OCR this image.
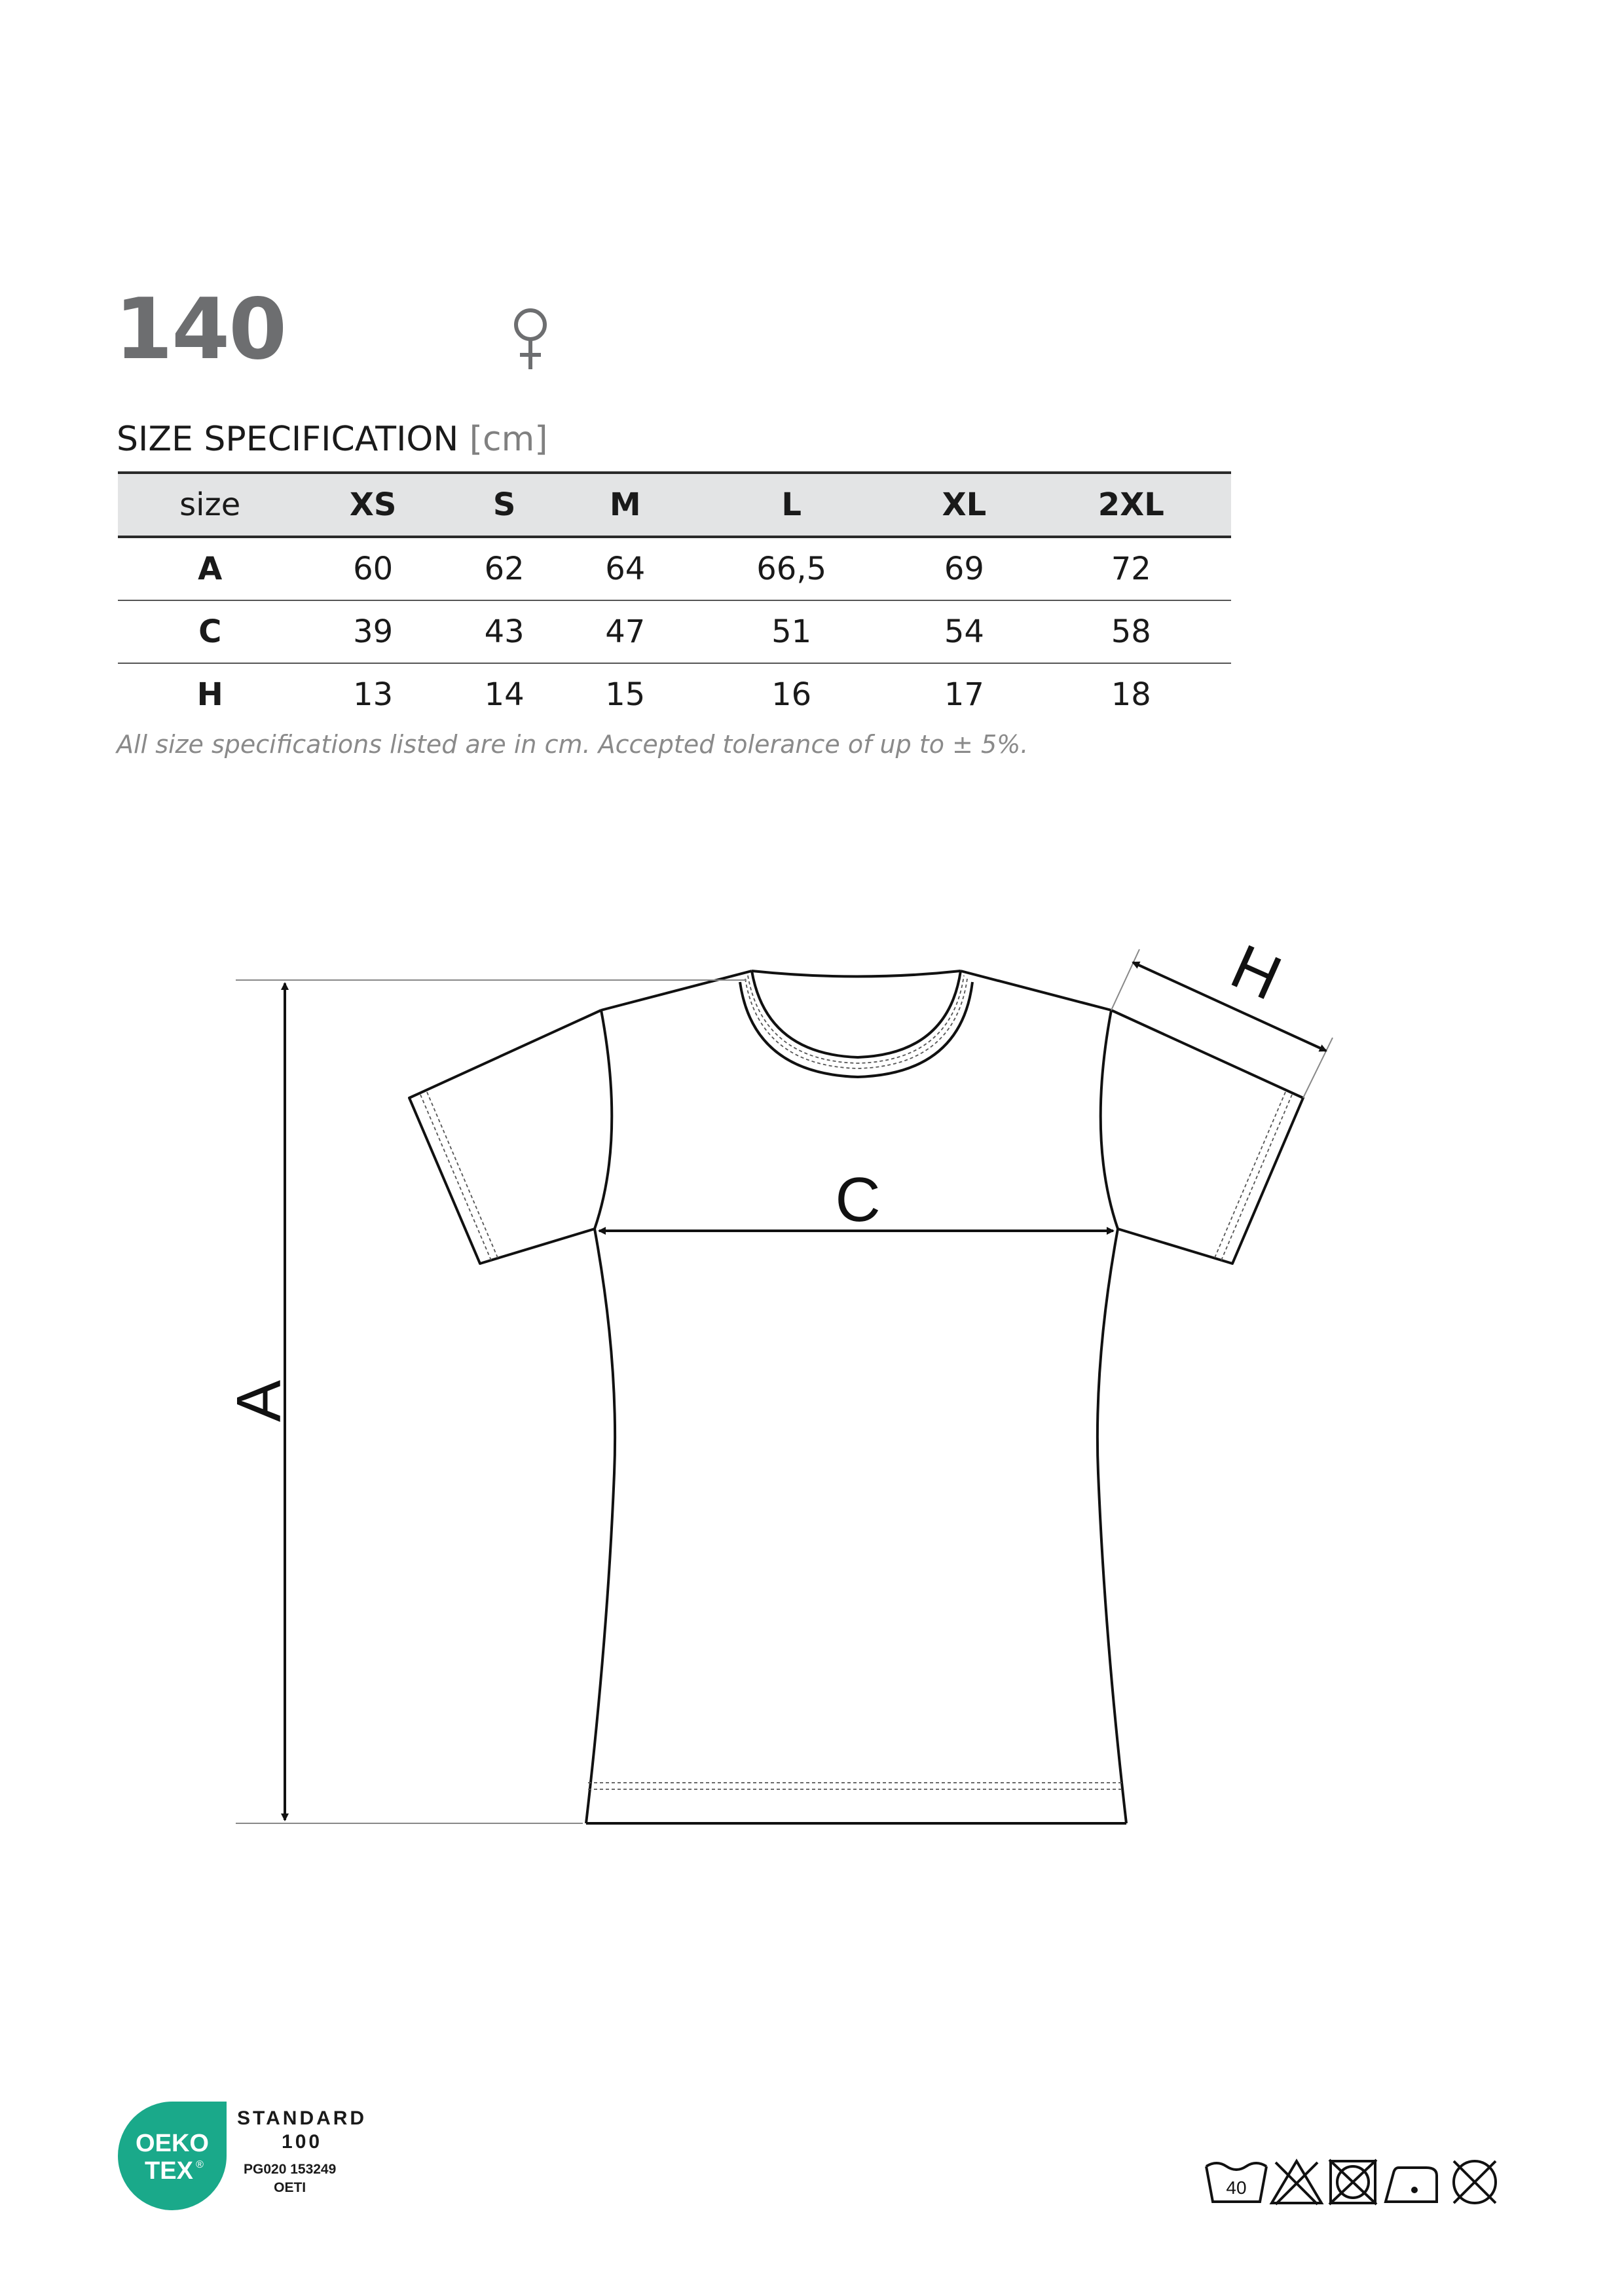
140
SIZE SPECIFICATION [cm]
size	XS	S	M	L	XL	2XL
A	60	62	64	66,5	69	72
C	39	43	47	51	54	58
H	13	14	15	16	17	18
All size specifications listed are in cm. Accepted tolerance of up to ± 5%.
A
C
H
OEKO
TEX ®
STANDARD
100
PG020 153249
OETI	40
